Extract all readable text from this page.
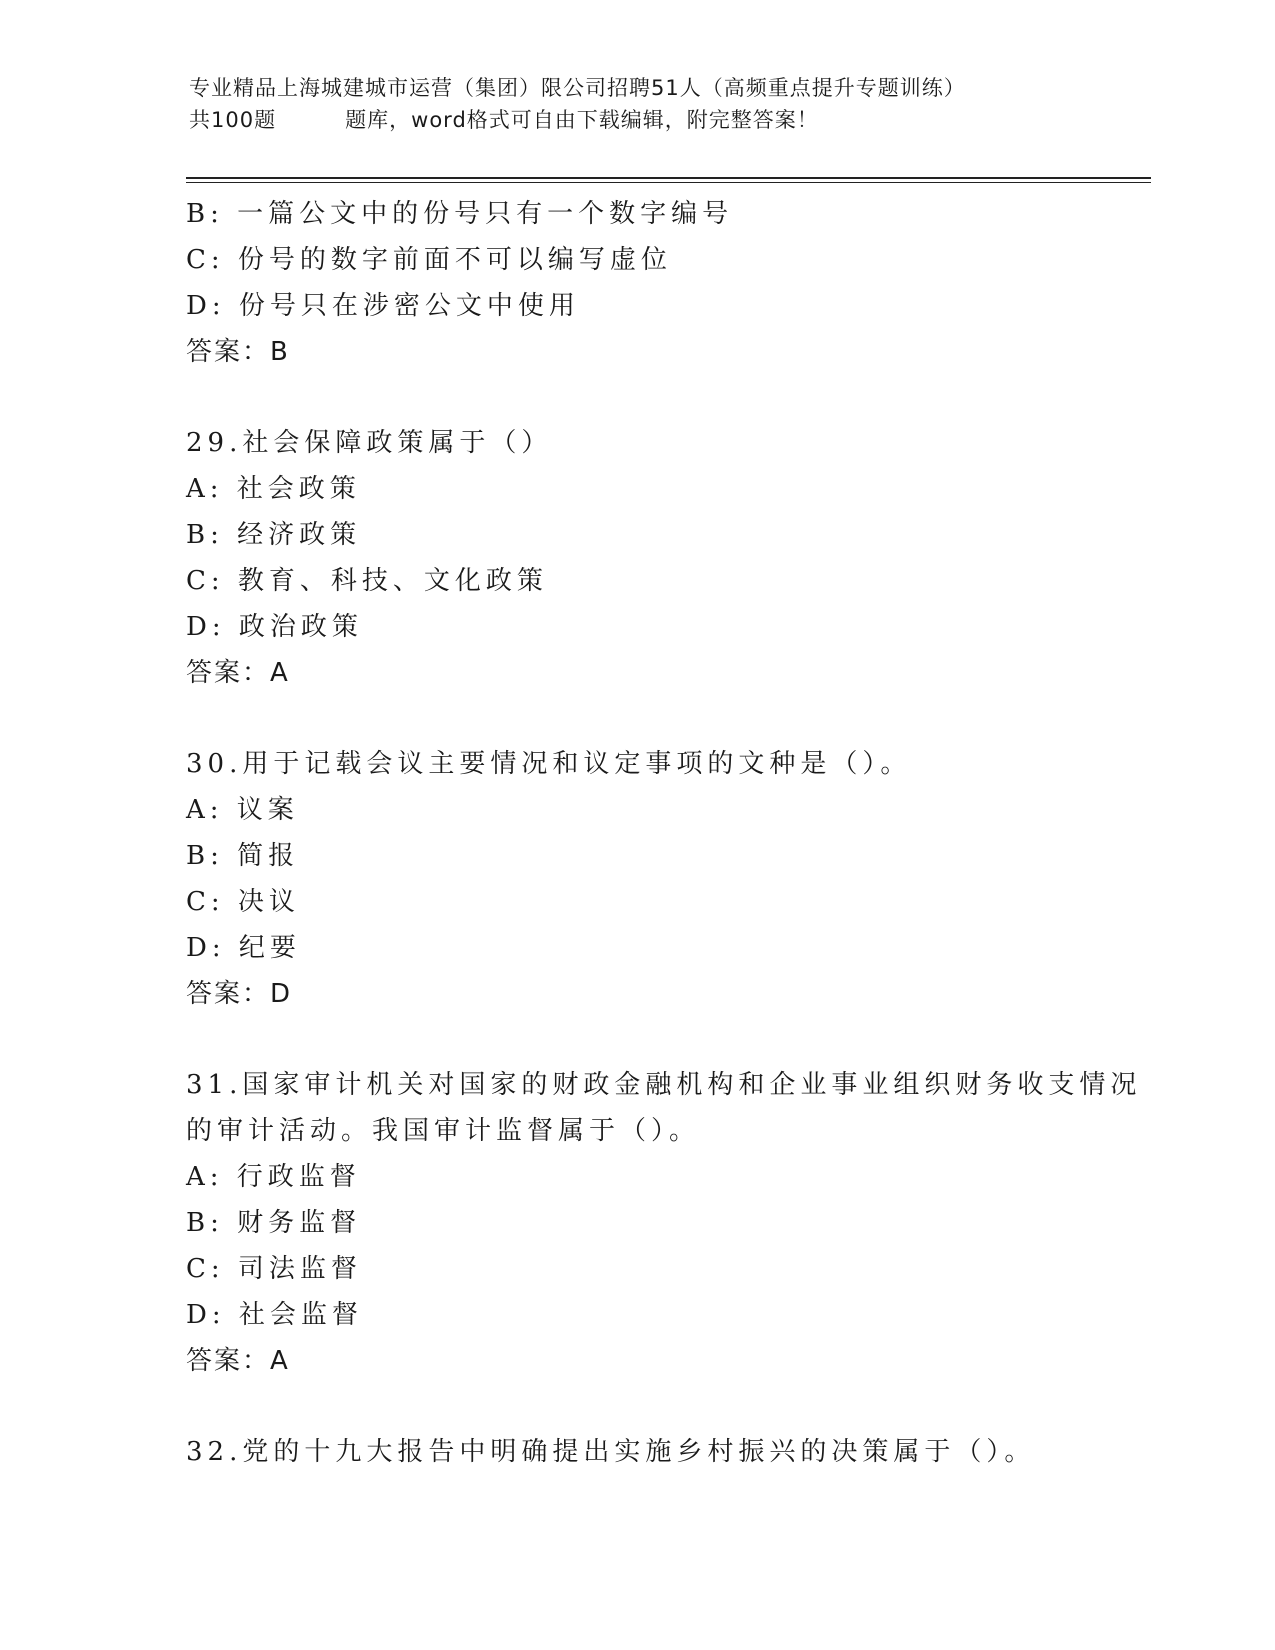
专业精品上海城建城市运营（集团）限公司招聘51人（高频重点提升专题训练）
共100题         题库，word格式可自由下载编辑，附完整答案！
B: 一篇公文中的份号只有一个数字编号
C: 份号的数字前面不可以编写虚位
D: 份号只在涉密公文中使用
答案：B
29.社会保障政策属于（）
A: 社会政策
B: 经济政策
C: 教育、科技、文化政策
D: 政治政策
答案：A
30.用于记载会议主要情况和议定事项的文种是（）。
A: 议案
B: 简报
C: 决议
D: 纪要
答案：D
31.国家审计机关对国家的财政金融机构和企业事业组织财务收支情况
的审计活动。我国审计监督属于（）。
A: 行政监督
B: 财务监督
C: 司法监督
D: 社会监督
答案：A
32.党的十九大报告中明确提出实施乡村振兴的决策属于（）。
